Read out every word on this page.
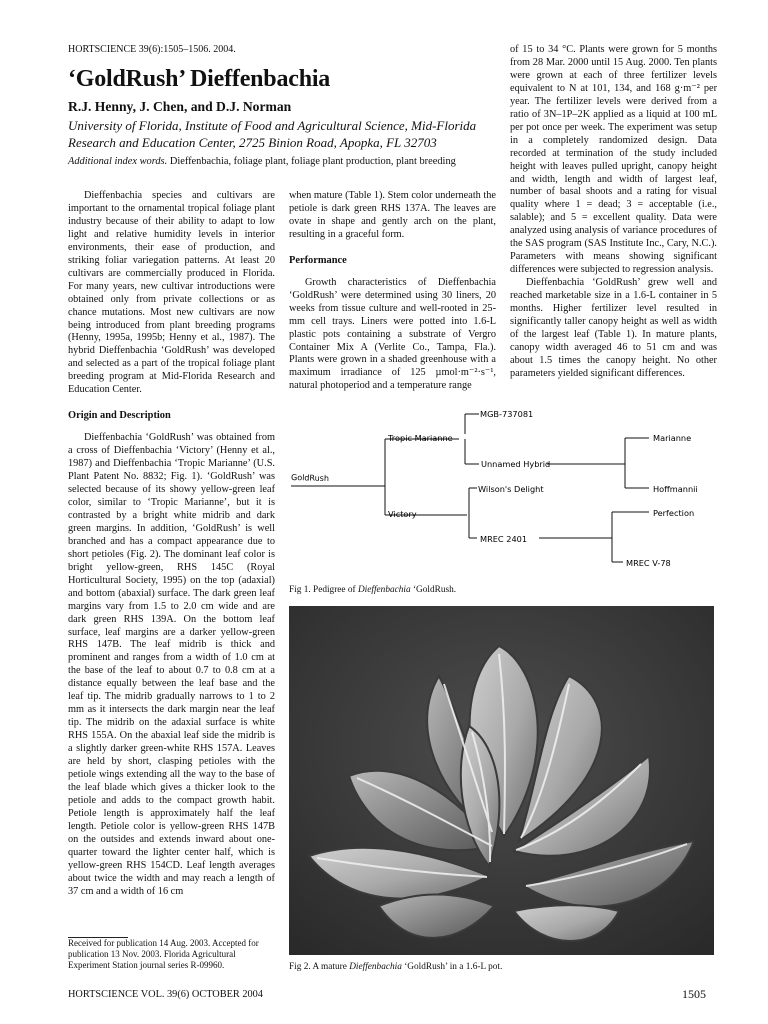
HORTSCIENCE 39(6):1505–1506. 2004.
‘GoldRush’ Dieffenbachia
R.J. Henny, J. Chen, and D.J. Norman
University of Florida, Institute of Food and Agricultural Science, Mid-Florida
Research and Education Center, 2725 Binion Road, Apopka, FL 32703
Additional index words. Dieffenbachia, foliage plant, foliage plant production, plant breeding

Dieffenbachia species and cultivars are important to the ornamental tropical foliage plant industry because of their ability to adapt to low light and relative humidity levels in interior environments, their ease of production, and striking foliar variegation patterns. At least 20 cultivars are commercially produced in Florida. For many years, new cultivar introductions were obtained only from private collections or as chance mutations. Most new cultivars are now being introduced from plant breeding programs (Henny, 1995a, 1995b; Henny et al., 1987). The hybrid Dieffenbachia ‘GoldRush’ was developed and selected as a part of the tropical foliage plant breeding program at Mid-Florida Research and Education Center.

Origin and Description

Dieffenbachia ‘GoldRush’ was obtained from a cross of Dieffenbachia ‘Victory’ (Henny et al., 1987) and Dieffenbachia ‘Tropic Marianne’ (U.S. Plant Patent No. 8832; Fig. 1). ‘GoldRush’ was selected because of its showy yellow-green leaf color, similar to ‘Tropic Marianne’, but it is contrasted by a bright white midrib and dark green margins. In addition, ‘GoldRush’ is well branched and has a compact appearance due to short petioles (Fig. 2). The dominant leaf color is bright yellow-green, RHS 145C (Royal Horticultural Society, 1995) on the top (adaxial) and bottom (abaxial) surface. The dark green leaf margins vary from 1.5 to 2.0 cm wide and are dark green RHS 139A. On the bottom leaf surface, leaf margins are a darker yellow-green RHS 147B. The leaf midrib is thick and prominent and ranges from a width of 1.0 cm at the base of the leaf to about 0.7 to 0.8 cm at a distance equally between the leaf base and the leaf tip. The midrib gradually narrows to 1 to 2 mm as it intersects the dark margin near the leaf tip. The midrib on the adaxial surface is white RHS 155A. On the abaxial leaf side the midrib is a slightly darker green-white RHS 157A. Leaves are held by short, clasping petioles with the petiole wings extending all the way to the base of the leaf blade which gives a thicker look to the petiole and adds to the compact growth habit. Petiole length is approximately half the leaf length. Petiole color is yellow-green RHS 147B on the outsides and extends inward about one-quarter toward the lighter center half, which is yellow-green RHS 154CD. Leaf length averages about twice the width and may reach a length of 37 cm and a width of 16 cm

Received for publication 14 Aug. 2003. Accepted for publication 13 Nov. 2003. Florida Agricultural Experiment Station journal series R-09960.

when mature (Table 1). Stem color underneath the petiole is dark green RHS 137A. The leaves are ovate in shape and gently arch on the plant, resulting in a graceful form.

Performance

Growth characteristics of Dieffenbachia ‘GoldRush’ were determined using 30 liners, 20 weeks from tissue culture and well-rooted in 25-mm cell trays. Liners were potted into 1.6-L plastic pots containing a substrate of Vergro Container Mix A (Verlite Co., Tampa, Fla.). Plants were grown in a shaded greenhouse with a maximum irradiance of 125 µmol·m⁻²·s⁻¹, natural photoperiod and a temperature range

of 15 to 34 °C. Plants were grown for 5 months from 28 Mar. 2000 until 15 Aug. 2000. Ten plants were grown at each of three fertilizer levels equivalent to N at 101, 134, and 168 g·m⁻² per year. The fertilizer levels were derived from a ratio of 3N–1P–2K applied as a liquid at 100 mL per pot once per week. The experiment was setup in a completely randomized design. Data recorded at termination of the study included height with leaves pulled upright, canopy height and width, length and width of largest leaf, number of basal shoots and a rating for visual quality where 1 = dead; 3 = acceptable (i.e., salable); and 5 = excellent quality. Data were analyzed using analysis of variance procedures of the SAS program (SAS Institute Inc., Cary, N.C.). Parameters with means showing significant differences were subjected to regression analysis.

Dieffenbachia ‘GoldRush’ grew well and reached marketable size in a 1.6-L container in 5 months. Higher fertilizer level resulted in significantly taller canopy height as well as width of the largest leaf (Table 1). In mature plants, canopy width averaged 46 to 51 cm and was about 1.5 times the canopy height. No other parameters yielded significant differences.

GoldRush
Tropic Marianne
Victory
MGB-737081
Unnamed Hybrid
Wilson's Delight
MREC 2401
Marianne
Hoffmannii
Perfection
MREC V-78
Fig 1. Pedigree of Dieffenbachia ‘GoldRush.
Fig 2. A mature Dieffenbachia ‘GoldRush’ in a 1.6-L pot.
HORTSCIENCE VOL. 39(6) OCTOBER 2004	1505
